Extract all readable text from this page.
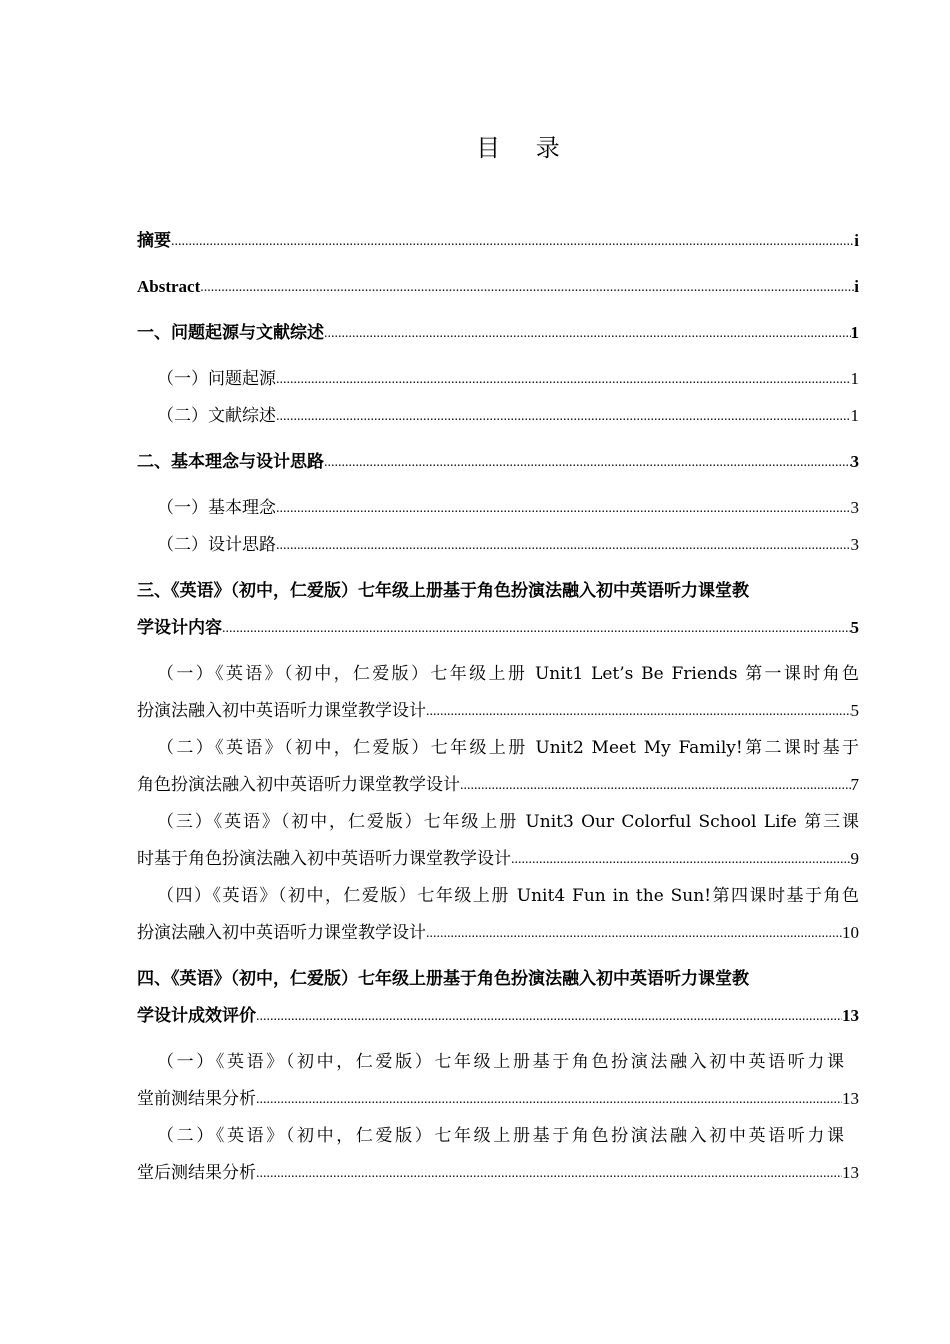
目 录
摘要 .....	i
Abstract .....	i
一、问题起源与文献综述 .....	1
（一）问题起源 .....	1
（二）文献综述 .....	1
二、基本理念与设计思路 .....	3
（一）基本理念 .....	3
（二）设计思路 .....	3
三、《英语》（初中，仁爱版）七年级上册基于角色扮演法融入初中英语听力课堂教
学设计内容 .....	5
（一）《英语》（初中，仁爱版）七年级上册 Unit1 Let’s Be Friends 第一课时角色
扮演法融入初中英语听力课堂教学设计 .....	5
（二）《英语》（初中，仁爱版）七年级上册 Unit2 Meet My Family!第二课时基于
角色扮演法融入初中英语听力课堂教学设计 .....	7
（三）《英语》（初中，仁爱版）七年级上册 Unit3 Our Colorful School Life 第三课
时基于角色扮演法融入初中英语听力课堂教学设计 .....	9
（四）《英语》（初中，仁爱版）七年级上册 Unit4 Fun in the Sun!第四课时基于角色
扮演法融入初中英语听力课堂教学设计 .....	10
四、《英语》（初中，仁爱版）七年级上册基于角色扮演法融入初中英语听力课堂教
学设计成效评价 .....	13
（一）《英语》（初中，仁爱版）七年级上册基于角色扮演法融入初中英语听力课
堂前测结果分析 .....	13
（二）《英语》（初中，仁爱版）七年级上册基于角色扮演法融入初中英语听力课
堂后测结果分析 .....	13
